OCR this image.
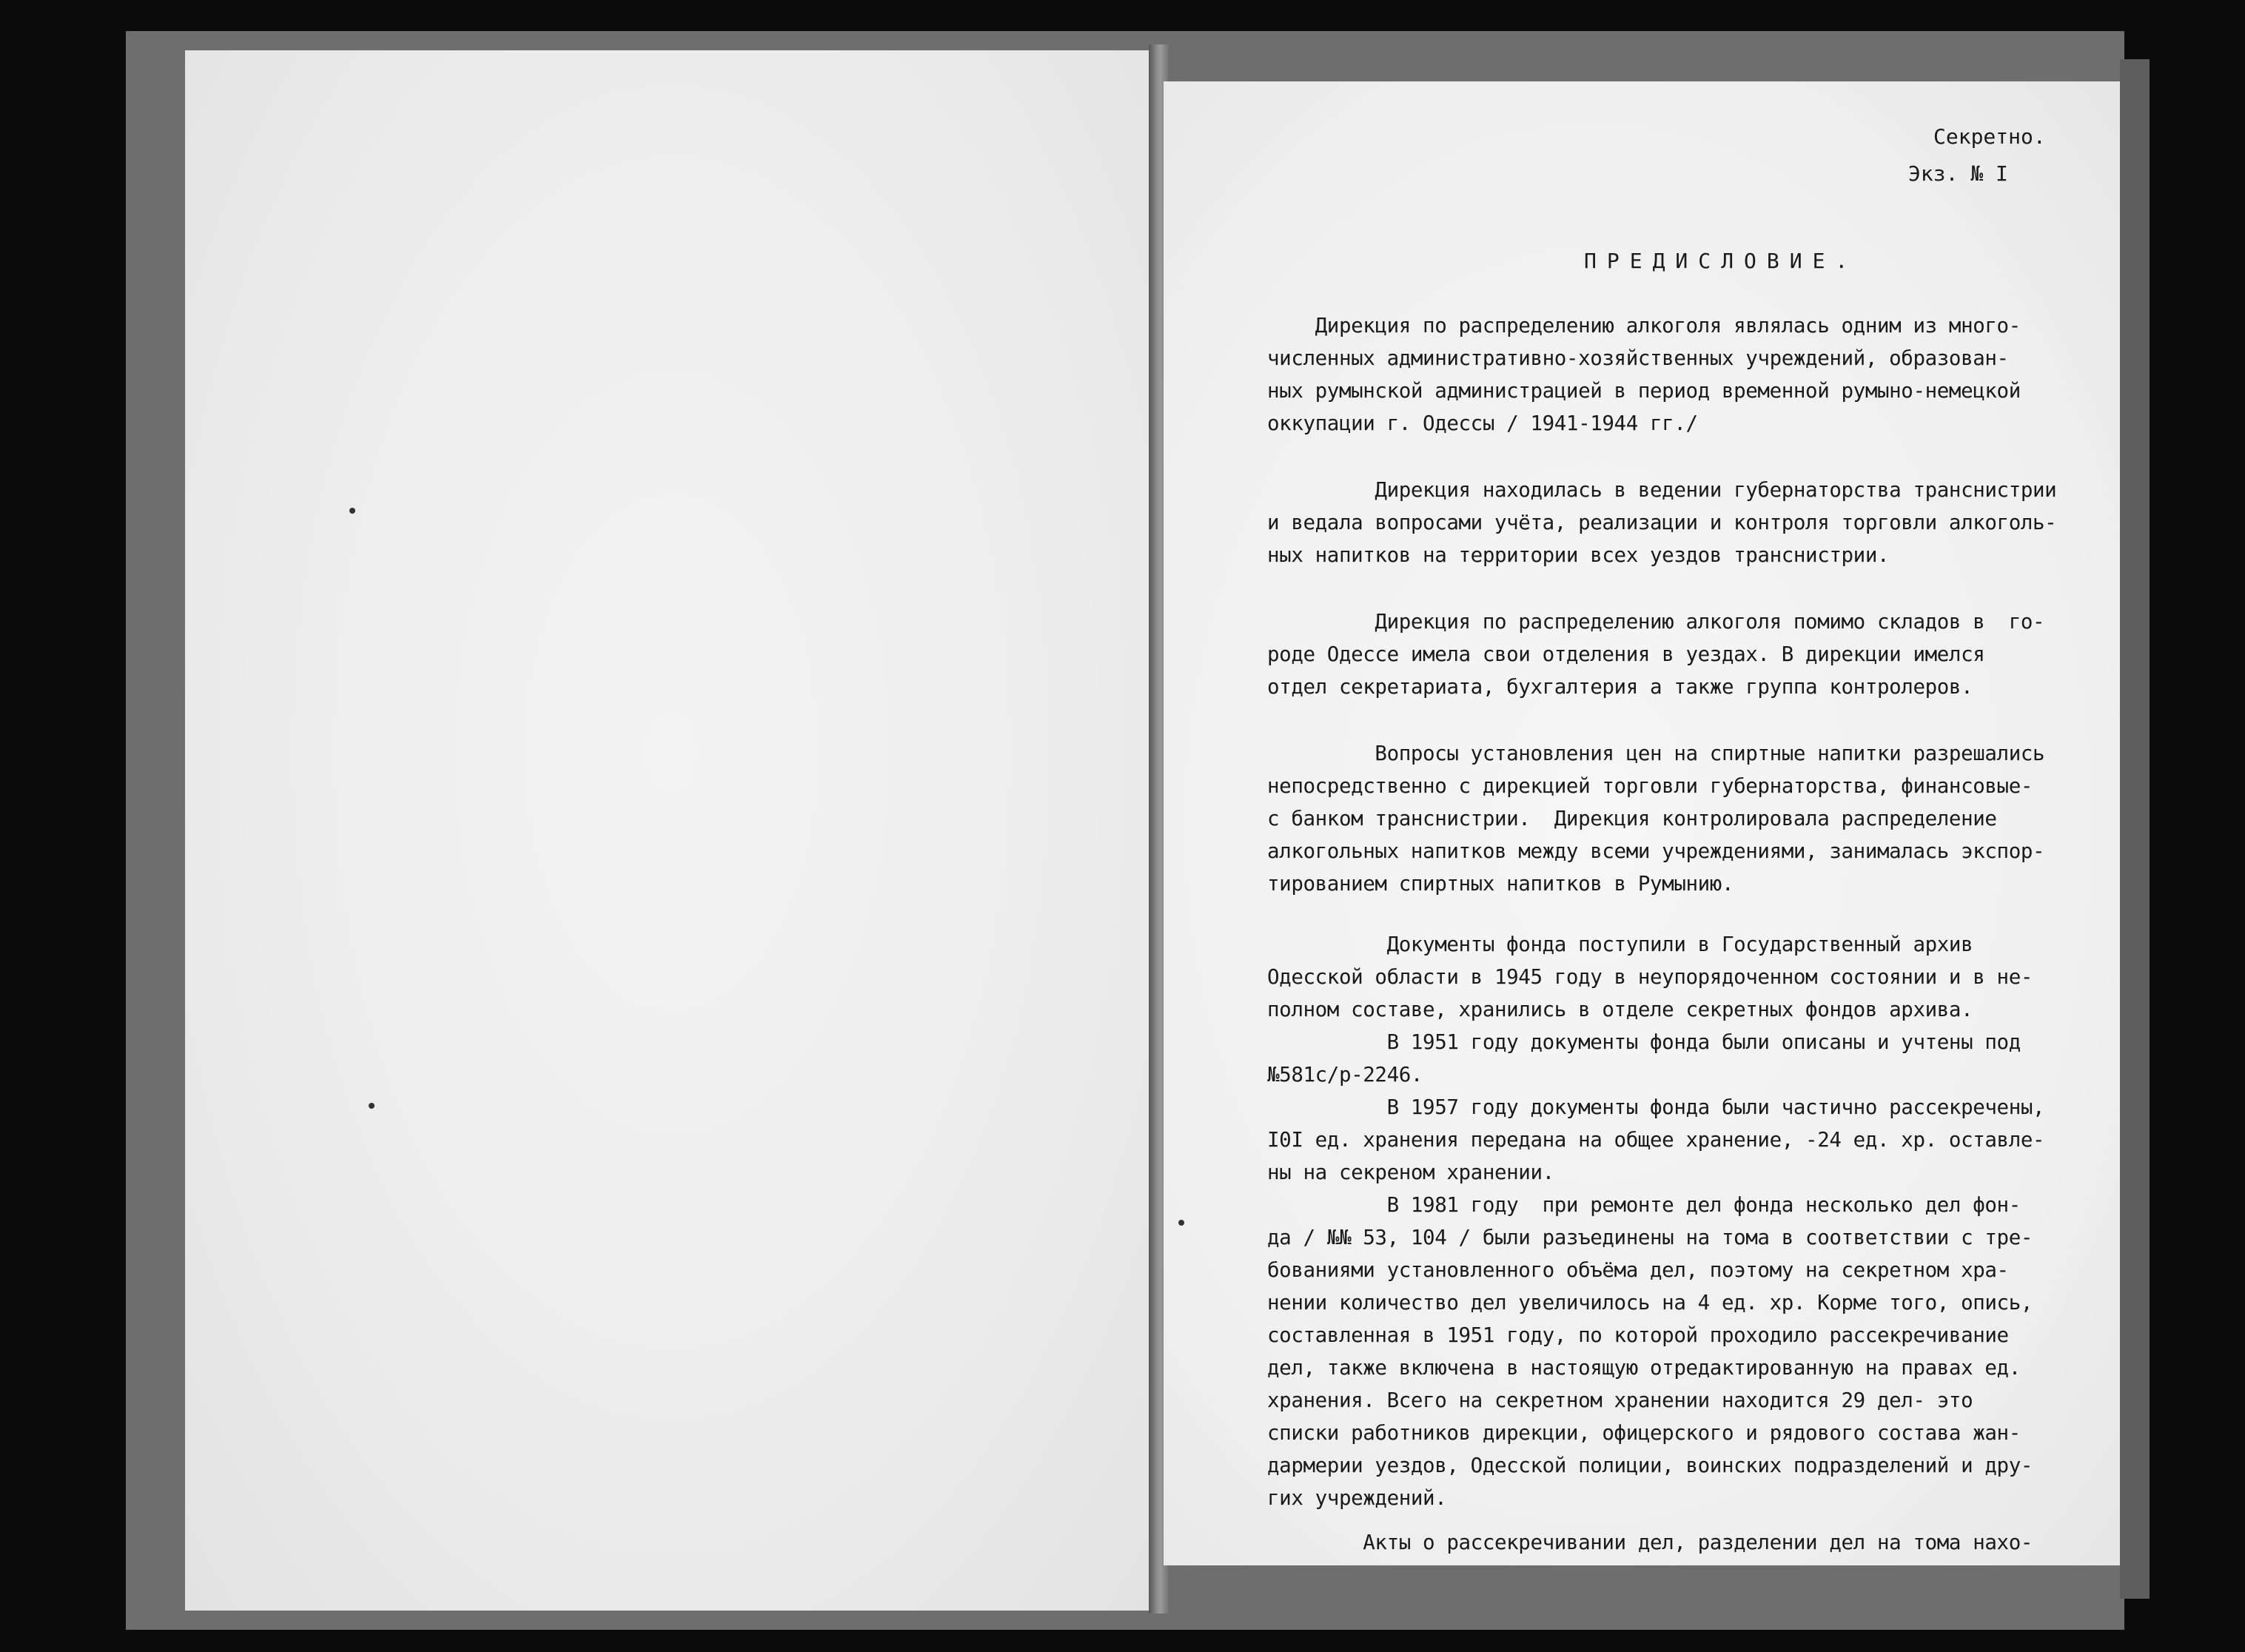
Секретно.
Экз. № I
ПРЕДИСЛОВИЕ.
Дирекция по распределению алкоголя являлась одним из много-
численных административно-хозяйственных учреждений, образован-
ных румынской администрацией в период временной румыно-немецкой
оккупации г. Одессы / 1941-1944 гг./
Дирекция находилась в ведении губернаторства транснистрии
и ведала вопросами учёта, реализации и контроля торговли алкоголь-
ных напитков на территории всех уездов транснистрии.
Дирекция по распределению алкоголя помимо складов в  го-
роде Одессе имела свои отделения в уездах. В дирекции имелся
отдел секретариата, бухгалтерия а также группа контролеров.
Вопросы установления цен на спиртные напитки разрешались
непосредственно с дирекцией торговли губернаторства, финансовые-
с банком транснистрии.  Дирекция контролировала распределение
алкогольных напитков между всеми учреждениями, занималась экспор-
тированием спиртных напитков в Румынию.
Документы фонда поступили в Государственный архив
Одесской области в 1945 году в неупорядоченном состоянии и в не-
полном составе, хранились в отделе секретных фондов архива.
В 1951 году документы фонда были описаны и учтены под
№581с/р-2246.
В 1957 году документы фонда были частично рассекречены,
I0I ед. хранения передана на общее хранение, -24 ед. хр. оставле-
ны на секреном хранении.
В 1981 году  при ремонте дел фонда несколько дел фон-
да / №№ 53, 104 / были разъединены на тома в соответствии с тре-
бованиями установленного объёма дел, поэтому на секретном хра-
нении количество дел увеличилось на 4 ед. хр. Корме того, опись,
составленная в 1951 году, по которой проходило рассекречивание
дел, также включена в настоящую отредактированную на правах ед.
хранения. Всего на секретном хранении находится 29 дел- это
списки работников дирекции, офицерского и рядового состава жан-
дармерии уездов, Одесской полиции, воинских подразделений и дру-
гих учреждений.
Акты о рассекречивании дел, разделении дел на тома нахо-
